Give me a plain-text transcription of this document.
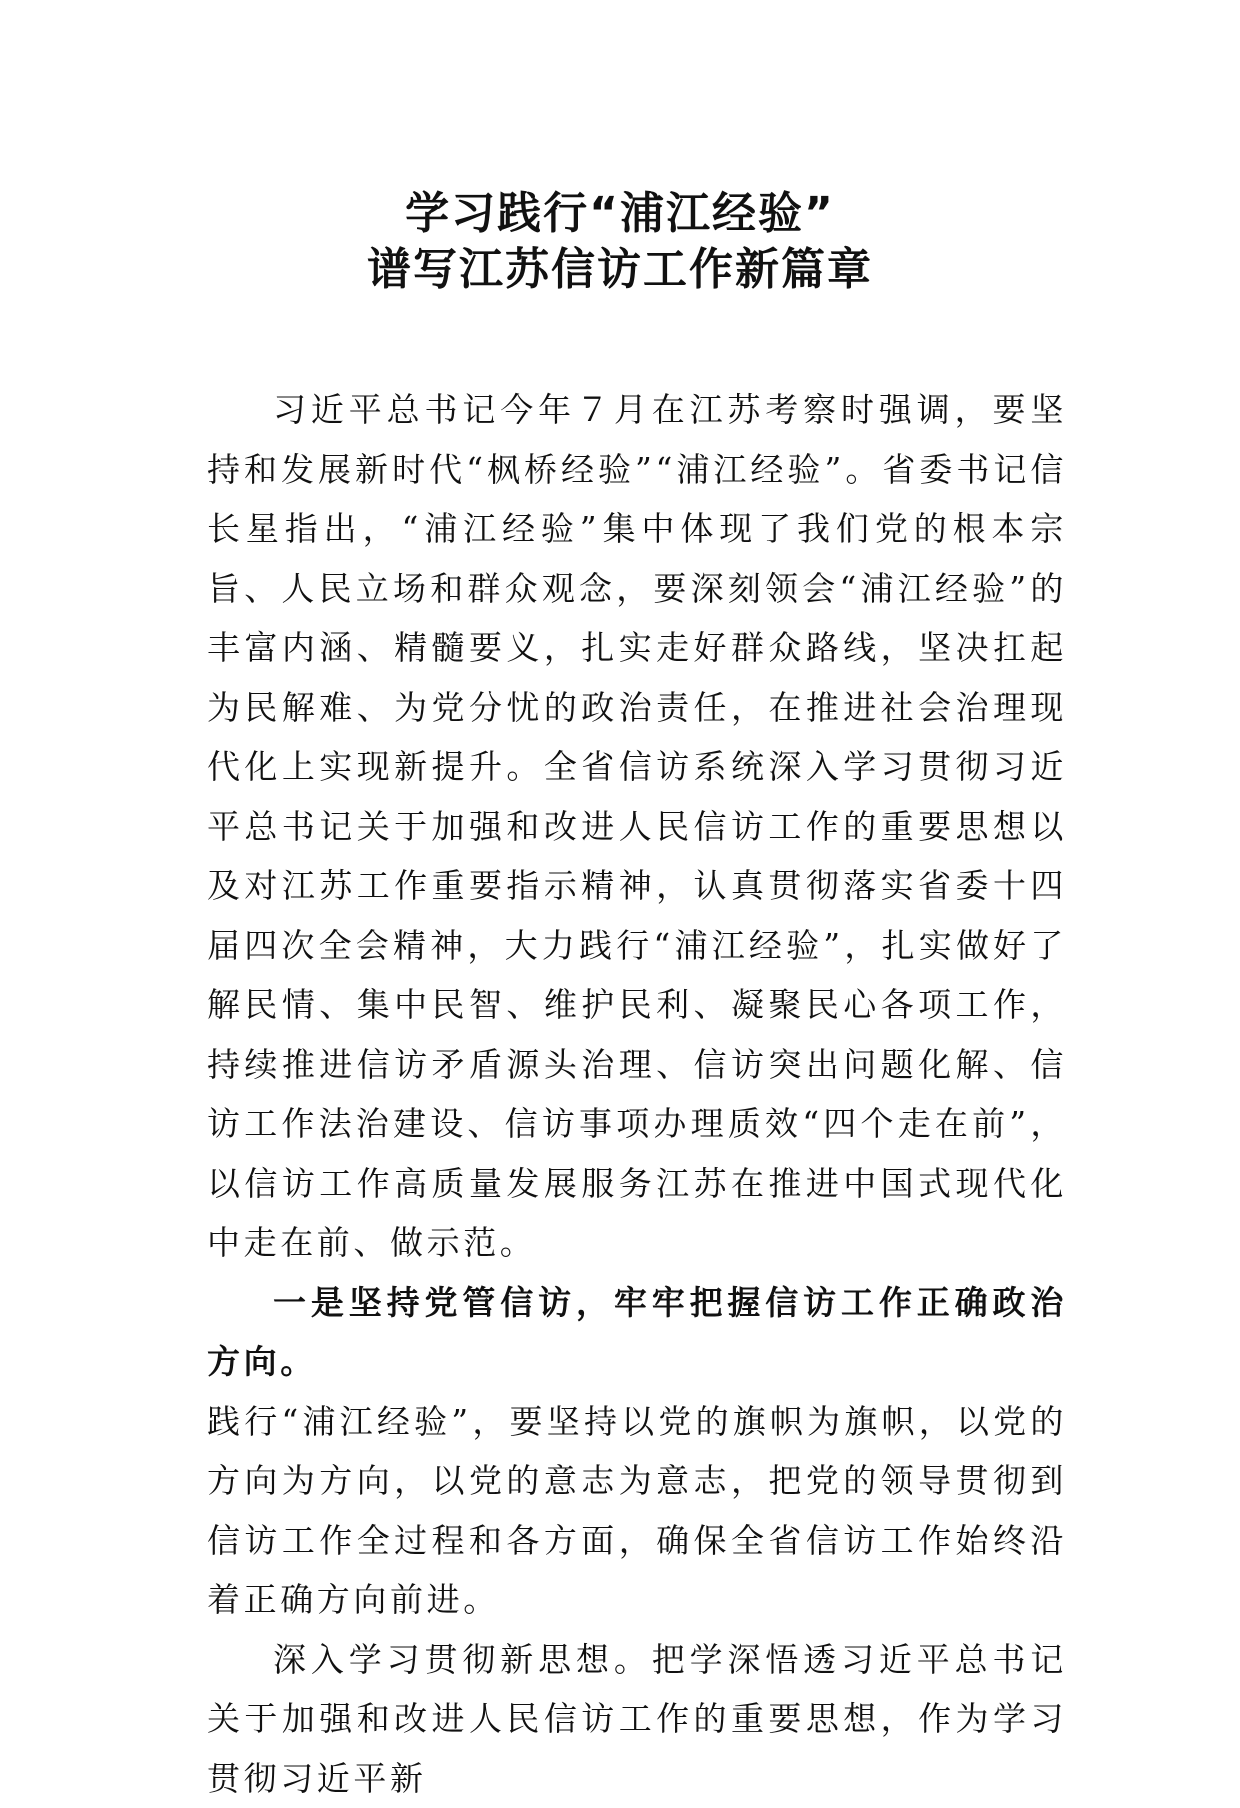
学习践行“浦江经验”
谱写江苏信访工作新篇章

习近平总书记今年７月在江苏考察时强调，要坚持和发展新时代“枫桥经验”“浦江经验”。省委书记信长星指出，“浦江经验”集中体现了我们党的根本宗旨、人民立场和群众观念，要深刻领会“浦江经验”的丰富内涵、精髓要义，扎实走好群众路线，坚决扛起为民解难、为党分忧的政治责任，在推进社会治理现代化上实现新提升。全省信访系统深入学习贯彻习近平总书记关于加强和改进人民信访工作的重要思想以及对江苏工作重要指示精神，认真贯彻落实省委十四届四次全会精神，大力践行“浦江经验”，扎实做好了解民情、集中民智、维护民利、凝聚民心各项工作，持续推进信访矛盾源头治理、信访突出问题化解、信访工作法治建设、信访事项办理质效“四个走在前”，以信访工作高质量发展服务江苏在推进中国式现代化中走在前、做示范。

一是坚持党管信访，牢牢把握信访工作正确政治方向。

践行“浦江经验”，要坚持以党的旗帜为旗帜，以党的方向为方向，以党的意志为意志，把党的领导贯彻到信访工作全过程和各方面，确保全省信访工作始终沿着正确方向前进。

深入学习贯彻新思想。把学深悟透习近平总书记关于加强和改进人民信访工作的重要思想，作为学习贯彻习近平新
